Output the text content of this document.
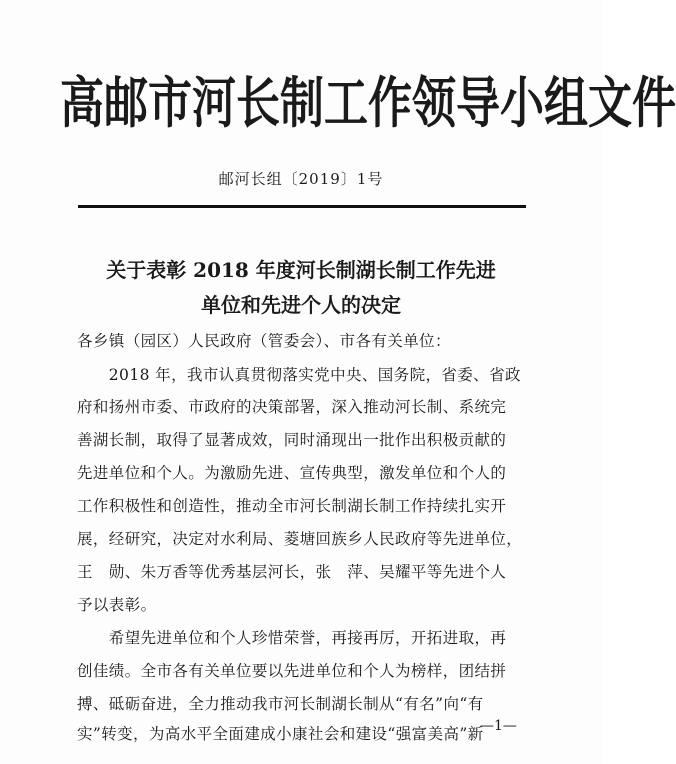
高邮市河长制工作领导小组文件
邮河长组〔2019〕1号
关于表彰 2018 年度河长制湖长制工作先进
单位和先进个人的决定
各乡镇（园区）人民政府（管委会）、市各有关单位：
　　2018 年，我市认真贯彻落实党中央、国务院，省委、省政
府和扬州市委、市政府的决策部署，深入推动河长制、系统完
善湖长制，取得了显著成效，同时涌现出一批作出积极贡献的
先进单位和个人。为激励先进、宣传典型，激发单位和个人的
工作积极性和创造性，推动全市河长制湖长制工作持续扎实开
展，经研究，决定对水利局、菱塘回族乡人民政府等先进单位，
王　勋、朱万香等优秀基层河长，张　萍、吴耀平等先进个人
予以表彰。
　　希望先进单位和个人珍惜荣誉，再接再厉，开拓进取，再
创佳绩。全市各有关单位要以先进单位和个人为榜样，团结拼
搏、砥砺奋进，全力推动我市河长制湖长制从“有名”向“有
实”转变，为高水平全面建成小康社会和建设“强富美高”新
—1—
